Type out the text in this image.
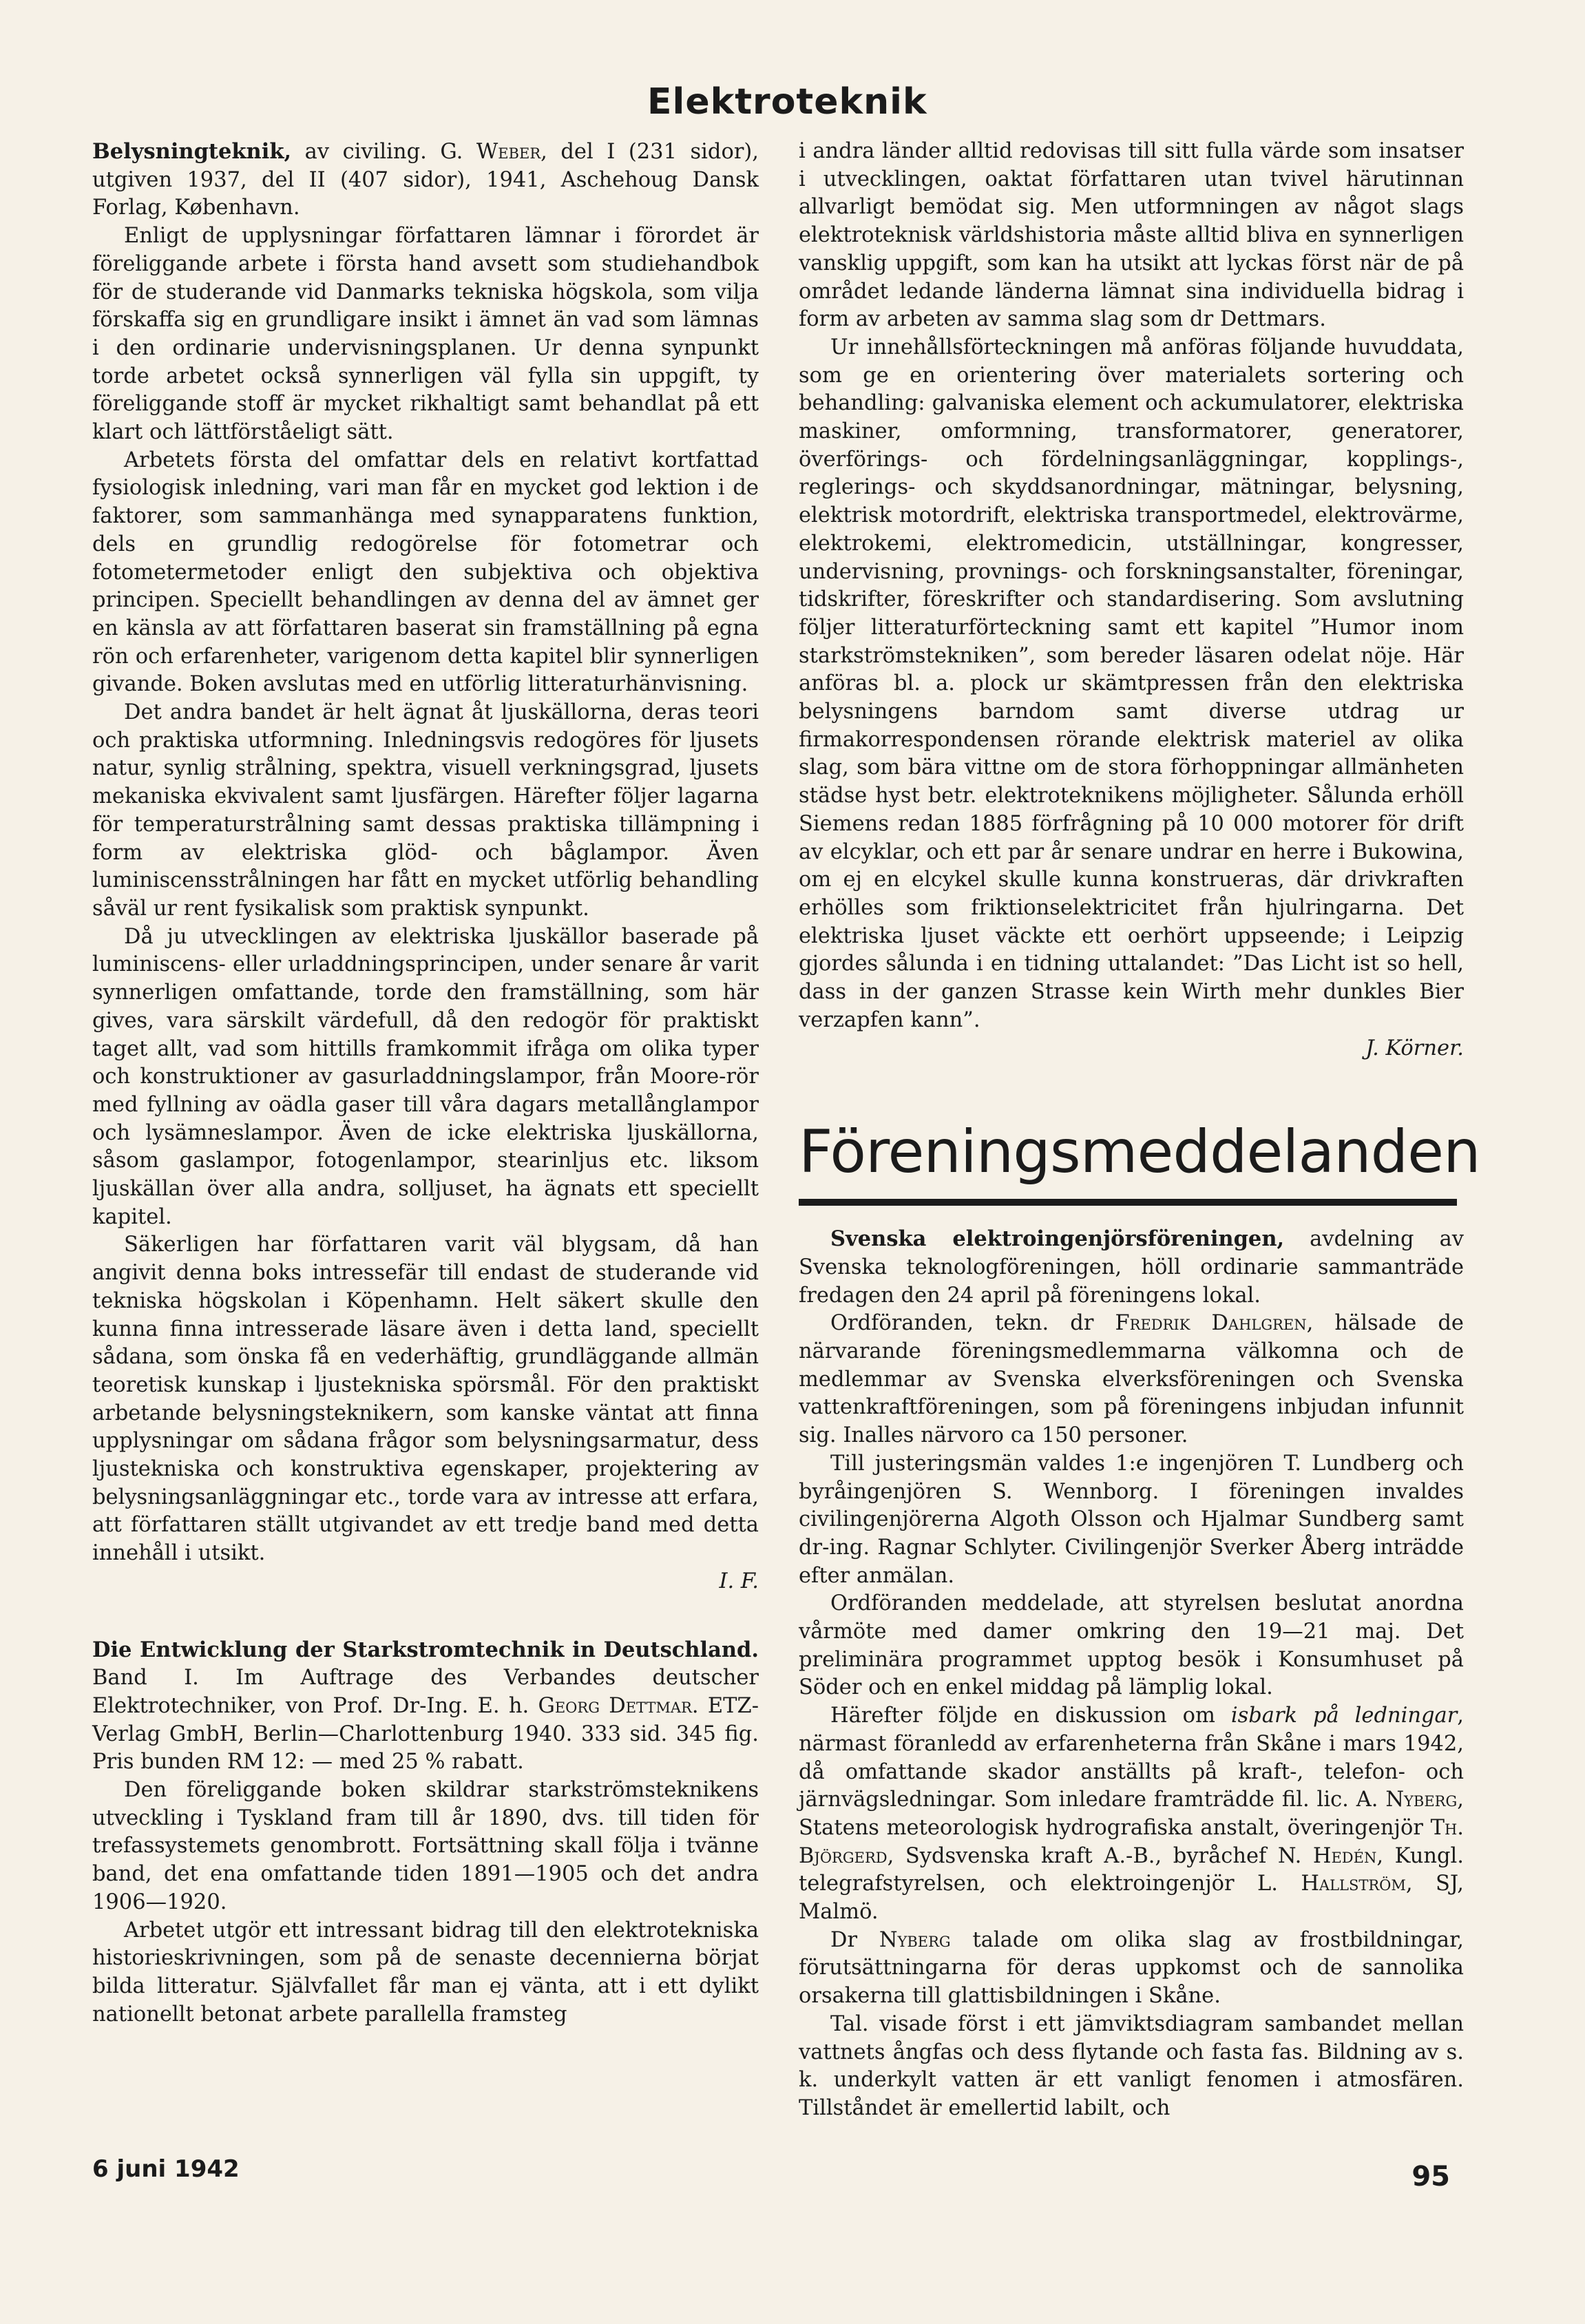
Elektroteknik

Belysningteknik, av civiling. G. Weber, del I (231 sidor), utgiven 1937, del II (407 sidor), 1941, Aschehoug Dansk Forlag, København.

Enligt de upplysningar författaren lämnar i förordet är föreliggande arbete i första hand avsett som studiehandbok för de studerande vid Danmarks tekniska högskola, som vilja förskaffa sig en grundligare insikt i ämnet än vad som lämnas i den ordinarie undervisningsplanen. Ur denna synpunkt torde arbetet också synnerligen väl fylla sin uppgift, ty föreliggande stoff är mycket rikhaltigt samt behandlat på ett klart och lättförståeligt sätt.

Arbetets första del omfattar dels en relativt kortfattad fysiologisk inledning, vari man får en mycket god lektion i de faktorer, som sammanhänga med synapparatens funktion, dels en grundlig redogörelse för fotometrar och fotometermetoder enligt den subjektiva och objektiva principen. Speciellt behandlingen av denna del av ämnet ger en känsla av att författaren baserat sin framställning på egna rön och erfarenheter, varigenom detta kapitel blir synnerligen givande. Boken avslutas med en utförlig litteraturhänvisning.

Det andra bandet är helt ägnat åt ljuskällorna, deras teori och praktiska utformning. Inledningsvis redogöres för ljusets natur, synlig strålning, spektra, visuell verkningsgrad, ljusets mekaniska ekvivalent samt ljusfärgen. Härefter följer lagarna för temperaturstrålning samt dessas praktiska tillämpning i form av elektriska glöd- och båglampor. Även luminiscensstrålningen har fått en mycket utförlig behandling såväl ur rent fysikalisk som praktisk synpunkt.

Då ju utvecklingen av elektriska ljuskällor baserade på luminiscens- eller urladdningsprincipen, under senare år varit synnerligen omfattande, torde den framställning, som här gives, vara särskilt värdefull, då den redogör för praktiskt taget allt, vad som hittills framkommit ifråga om olika typer och konstruktioner av gasurladdningslampor, från Moore-rör med fyllning av oädla gaser till våra dagars metallånglampor och lysämneslampor. Även de icke elektriska ljuskällorna, såsom gaslampor, fotogenlampor, stearinljus etc. liksom ljuskällan över alla andra, solljuset, ha ägnats ett speciellt kapitel.

Säkerligen har författaren varit väl blygsam, då han angivit denna boks intressefär till endast de studerande vid tekniska högskolan i Köpenhamn. Helt säkert skulle den kunna finna intresserade läsare även i detta land, speciellt sådana, som önska få en vederhäftig, grundläggande allmän teoretisk kunskap i ljustekniska spörsmål. För den praktiskt arbetande belysningsteknikern, som kanske väntat att finna upplysningar om sådana frågor som belysningsarmatur, dess ljustekniska och konstruktiva egenskaper, projektering av belysningsanläggningar etc., torde vara av intresse att erfara, att författaren ställt utgivandet av ett tredje band med detta innehåll i utsikt.

I. F.

Die Entwicklung der Starkstromtechnik in Deutschland. Band I. Im Auftrage des Verbandes deutscher Elektrotechniker, von Prof. Dr-Ing. E. h. Georg Dettmar. ETZ-Verlag GmbH, Berlin—Charlottenburg 1940. 333 sid. 345 fig. Pris bunden RM 12: — med 25 % rabatt.

Den föreliggande boken skildrar starkströmsteknikens utveckling i Tyskland fram till år 1890, dvs. till tiden för trefassystemets genombrott. Fortsättning skall följa i tvänne band, det ena omfattande tiden 1891—1905 och det andra 1906—1920.

Arbetet utgör ett intressant bidrag till den elektrotekniska historieskrivningen, som på de senaste decennierna börjat bilda litteratur. Självfallet får man ej vänta, att i ett dylikt nationellt betonat arbete parallella framsteg

i andra länder alltid redovisas till sitt fulla värde som insatser i utvecklingen, oaktat författaren utan tvivel härutinnan allvarligt bemödat sig. Men utformningen av något slags elektroteknisk världshistoria måste alltid bliva en synnerligen vansklig uppgift, som kan ha utsikt att lyckas först när de på området ledande länderna lämnat sina individuella bidrag i form av arbeten av samma slag som dr Dettmars.

Ur innehållsförteckningen må anföras följande huvuddata, som ge en orientering över materialets sortering och behandling: galvaniska element och ackumulatorer, elektriska maskiner, omformning, transformatorer, generatorer, överförings- och fördelningsanläggningar, kopplings-, reglerings- och skyddsanordningar, mätningar, belysning, elektrisk motordrift, elektriska transportmedel, elektrovärme, elektrokemi, elektromedicin, utställningar, kongresser, undervisning, provnings- och forskningsanstalter, föreningar, tidskrifter, föreskrifter och standardisering. Som avslutning följer litteraturförteckning samt ett kapitel ”Humor inom starkströmstekniken”, som bereder läsaren odelat nöje. Här anföras bl. a. plock ur skämtpressen från den elektriska belysningens barndom samt diverse utdrag ur firmakorrespondensen rörande elektrisk materiel av olika slag, som bära vittne om de stora förhoppningar allmänheten städse hyst betr. elektroteknikens möjligheter. Sålunda erhöll Siemens redan 1885 förfrågning på 10 000 motorer för drift av elcyklar, och ett par år senare undrar en herre i Bukowina, om ej en elcykel skulle kunna konstrueras, där drivkraften erhölles som friktionselektricitet från hjulringarna. Det elektriska ljuset väckte ett oerhört uppseende; i Leipzig gjordes sålunda i en tidning uttalandet: ”Das Licht ist so hell, dass in der ganzen Strasse kein Wirth mehr dunkles Bier verzapfen kann”.

J. Körner.

Föreningsmeddelanden

Svenska elektroingenjörsföreningen, avdelning av Svenska teknologföreningen, höll ordinarie sammanträde fredagen den 24 april på föreningens lokal.

Ordföranden, tekn. dr Fredrik Dahlgren, hälsade de närvarande föreningsmedlemmarna välkomna och de medlemmar av Svenska elverksföreningen och Svenska vattenkraftföreningen, som på föreningens inbjudan infunnit sig. Inalles närvoro ca 150 personer.

Till justeringsmän valdes 1:e ingenjören T. Lundberg och byråingenjören S. Wennborg. I föreningen invaldes civilingenjörerna Algoth Olsson och Hjalmar Sundberg samt dr-ing. Ragnar Schlyter. Civilingenjör Sverker Åberg inträdde efter anmälan.

Ordföranden meddelade, att styrelsen beslutat anordna vårmöte med damer omkring den 19—21 maj. Det preliminära programmet upptog besök i Konsumhuset på Söder och en enkel middag på lämplig lokal.

Härefter följde en diskussion om isbark på ledningar, närmast föranledd av erfarenheterna från Skåne i mars 1942, då omfattande skador anställts på kraft-, telefon- och järnvägsledningar. Som inledare framträdde fil. lic. A. Nyberg, Statens meteorologisk hydrografiska anstalt, överingenjör Th. Björgerd, Sydsvenska kraft A.-B., byråchef N. Hedén, Kungl. telegrafstyrelsen, och elektroingenjör L. Hallström, SJ, Malmö.

Dr Nyberg talade om olika slag av frostbildningar, förutsättningarna för deras uppkomst och de sannolika orsakerna till glattisbildningen i Skåne.

Tal. visade först i ett jämviktsdiagram sambandet mellan vattnets ångfas och dess flytande och fasta fas. Bildning av s. k. underkylt vatten är ett vanligt fenomen i atmosfären. Tillståndet är emellertid labilt, och

6 juni 1942	95
